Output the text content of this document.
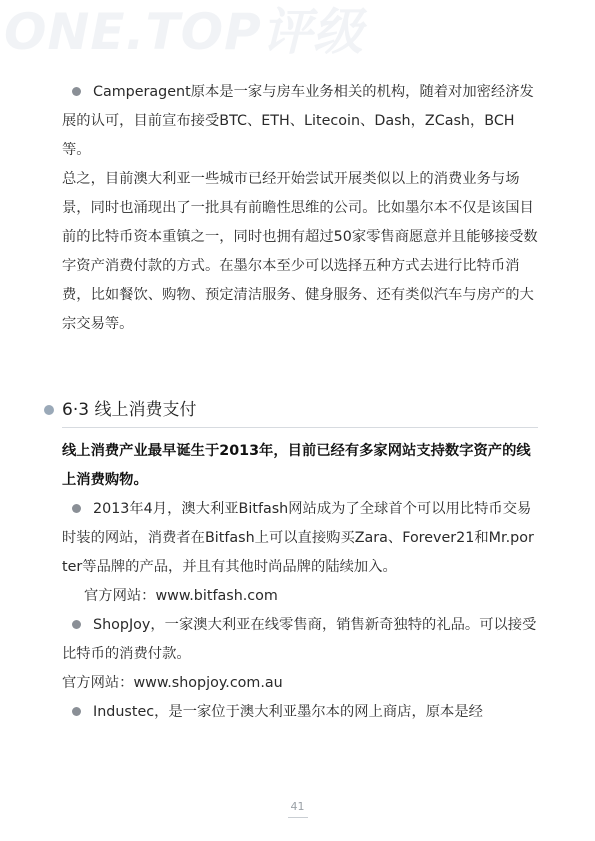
ONE.TOP评级

Camperagent原本是一家与房车业务相关的机构，随着对加密经济发展的认可，目前宣布接受BTC、ETH、Litecoin、Dash，ZCash，BCH等。

总之，目前澳大利亚一些城市已经开始尝试开展类似以上的消费业务与场景，同时也涌现出了一批具有前瞻性思维的公司。比如墨尔本不仅是该国目前的比特币资本重镇之一，同时也拥有超过50家零售商愿意并且能够接受数字资产消费付款的方式。在墨尔本至少可以选择五种方式去进行比特币消费，比如餐饮、购物、预定清洁服务、健身服务、还有类似汽车与房产的大宗交易等。

6·3 线上消费支付

线上消费产业最早诞生于2013年，目前已经有多家网站支持数字资产的线上消费购物。

2013年4月，澳大利亚Bitfash网站成为了全球首个可以用比特币交易时装的网站，消费者在Bitfash上可以直接购买Zara、Forever21和Mr.porter等品牌的产品，并且有其他时尚品牌的陆续加入。

官方网站：www.bitfash.com

ShopJoy，一家澳大利亚在线零售商，销售新奇独特的礼品。可以接受比特币的消费付款。

官方网站：www.shopjoy.com.au

Industec，是一家位于澳大利亚墨尔本的网上商店，原本是经

41
